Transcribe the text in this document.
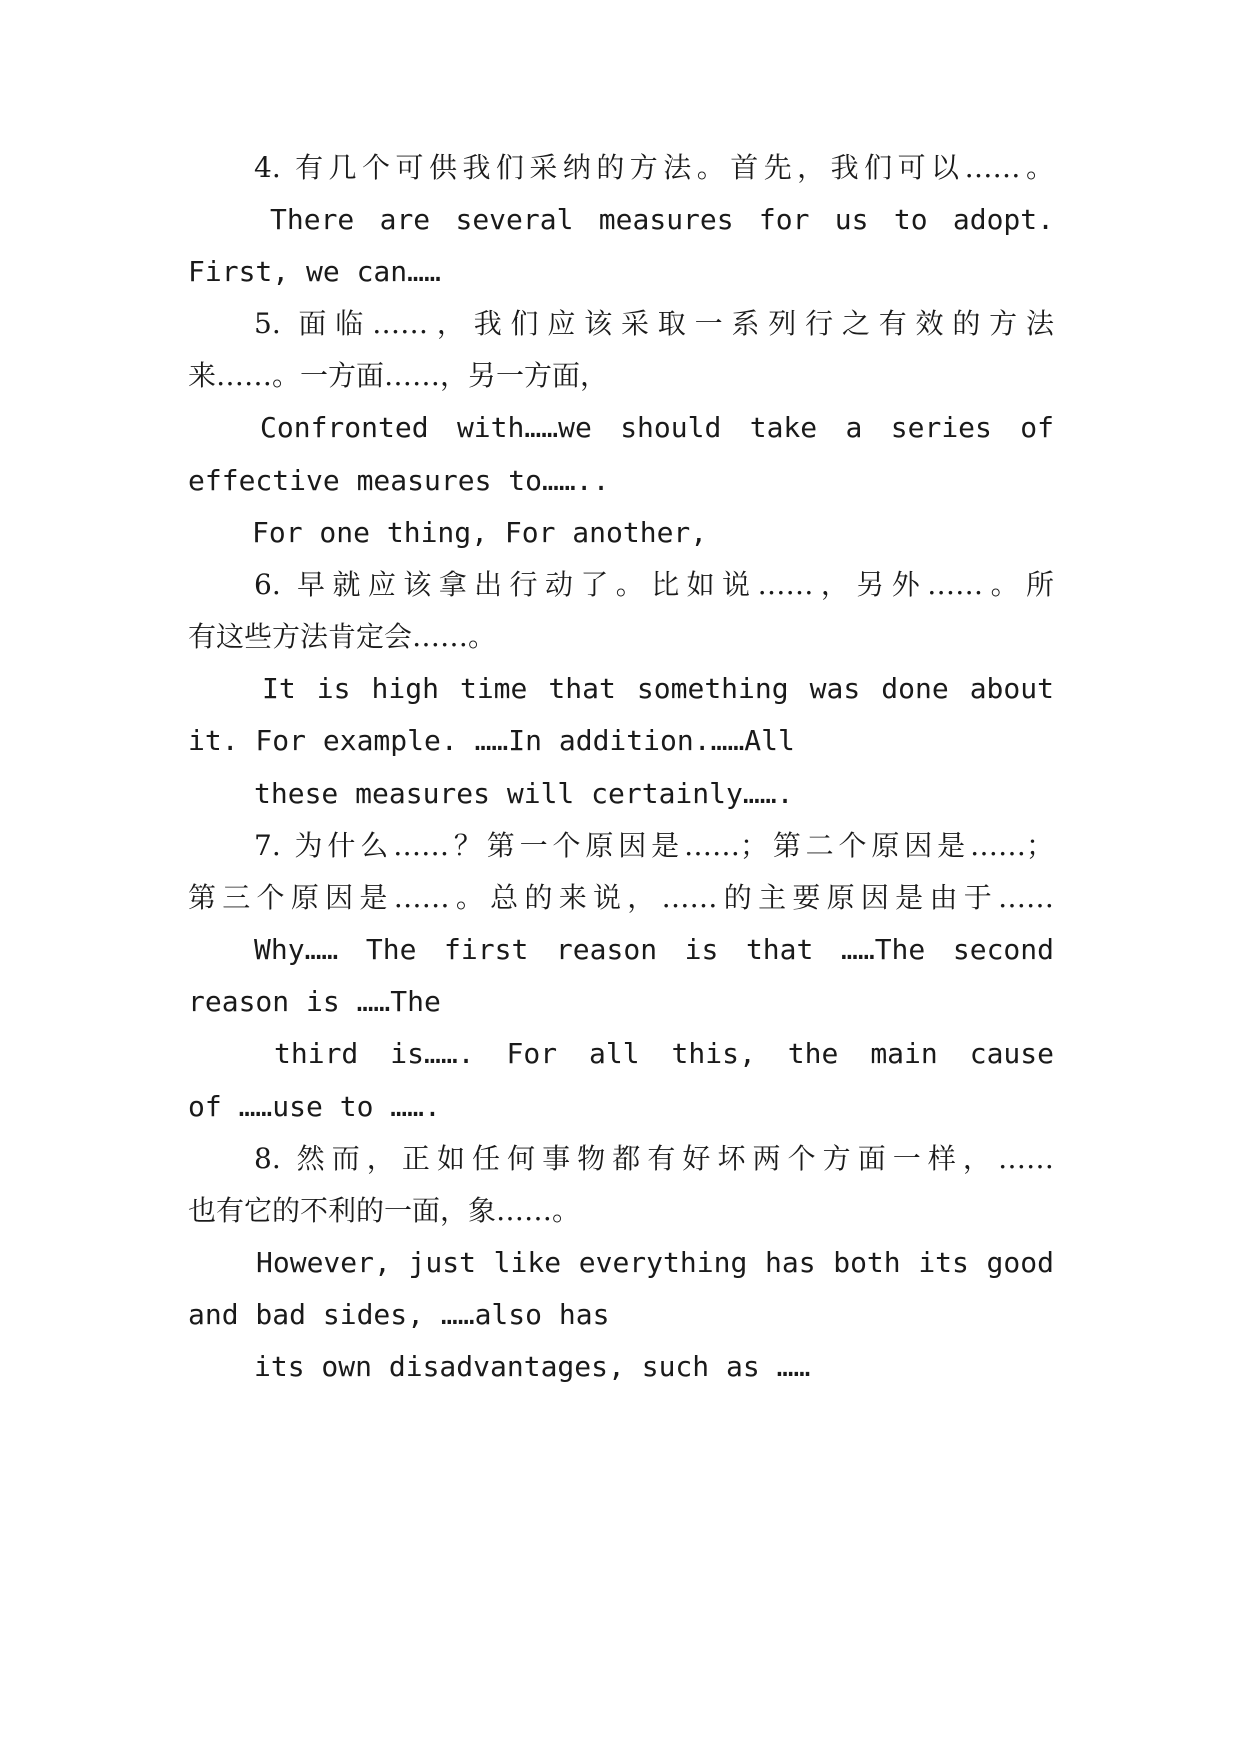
4. 有几个可供我们采纳的方法。首先，我们可以……。
There are several measures for us to adopt.
First, we can……
5. 面临……，我们应该采取一系列行之有效的方法
来……。一方面……，另一方面，
Confronted with……we should take a series of
effective measures to……..
For one thing, For another,
6. 早就应该拿出行动了。比如说……，另外……。所
有这些方法肯定会……。
It is high time that something was done about
it. For example. ……In addition.……All
these measures will certainly…….
7. 为什么……？第一个原因是……；第二个原因是……；
第三个原因是……。总的来说，……的主要原因是由于……
Why…… The first reason is that ……The second
reason is ……The
third is……. For all this, the main cause
of ……use to …….
8. 然而，正如任何事物都有好坏两个方面一样，……
也有它的不利的一面，象……。
However, just like everything has both its good
and bad sides, ……also has
its own disadvantages, such as ……
